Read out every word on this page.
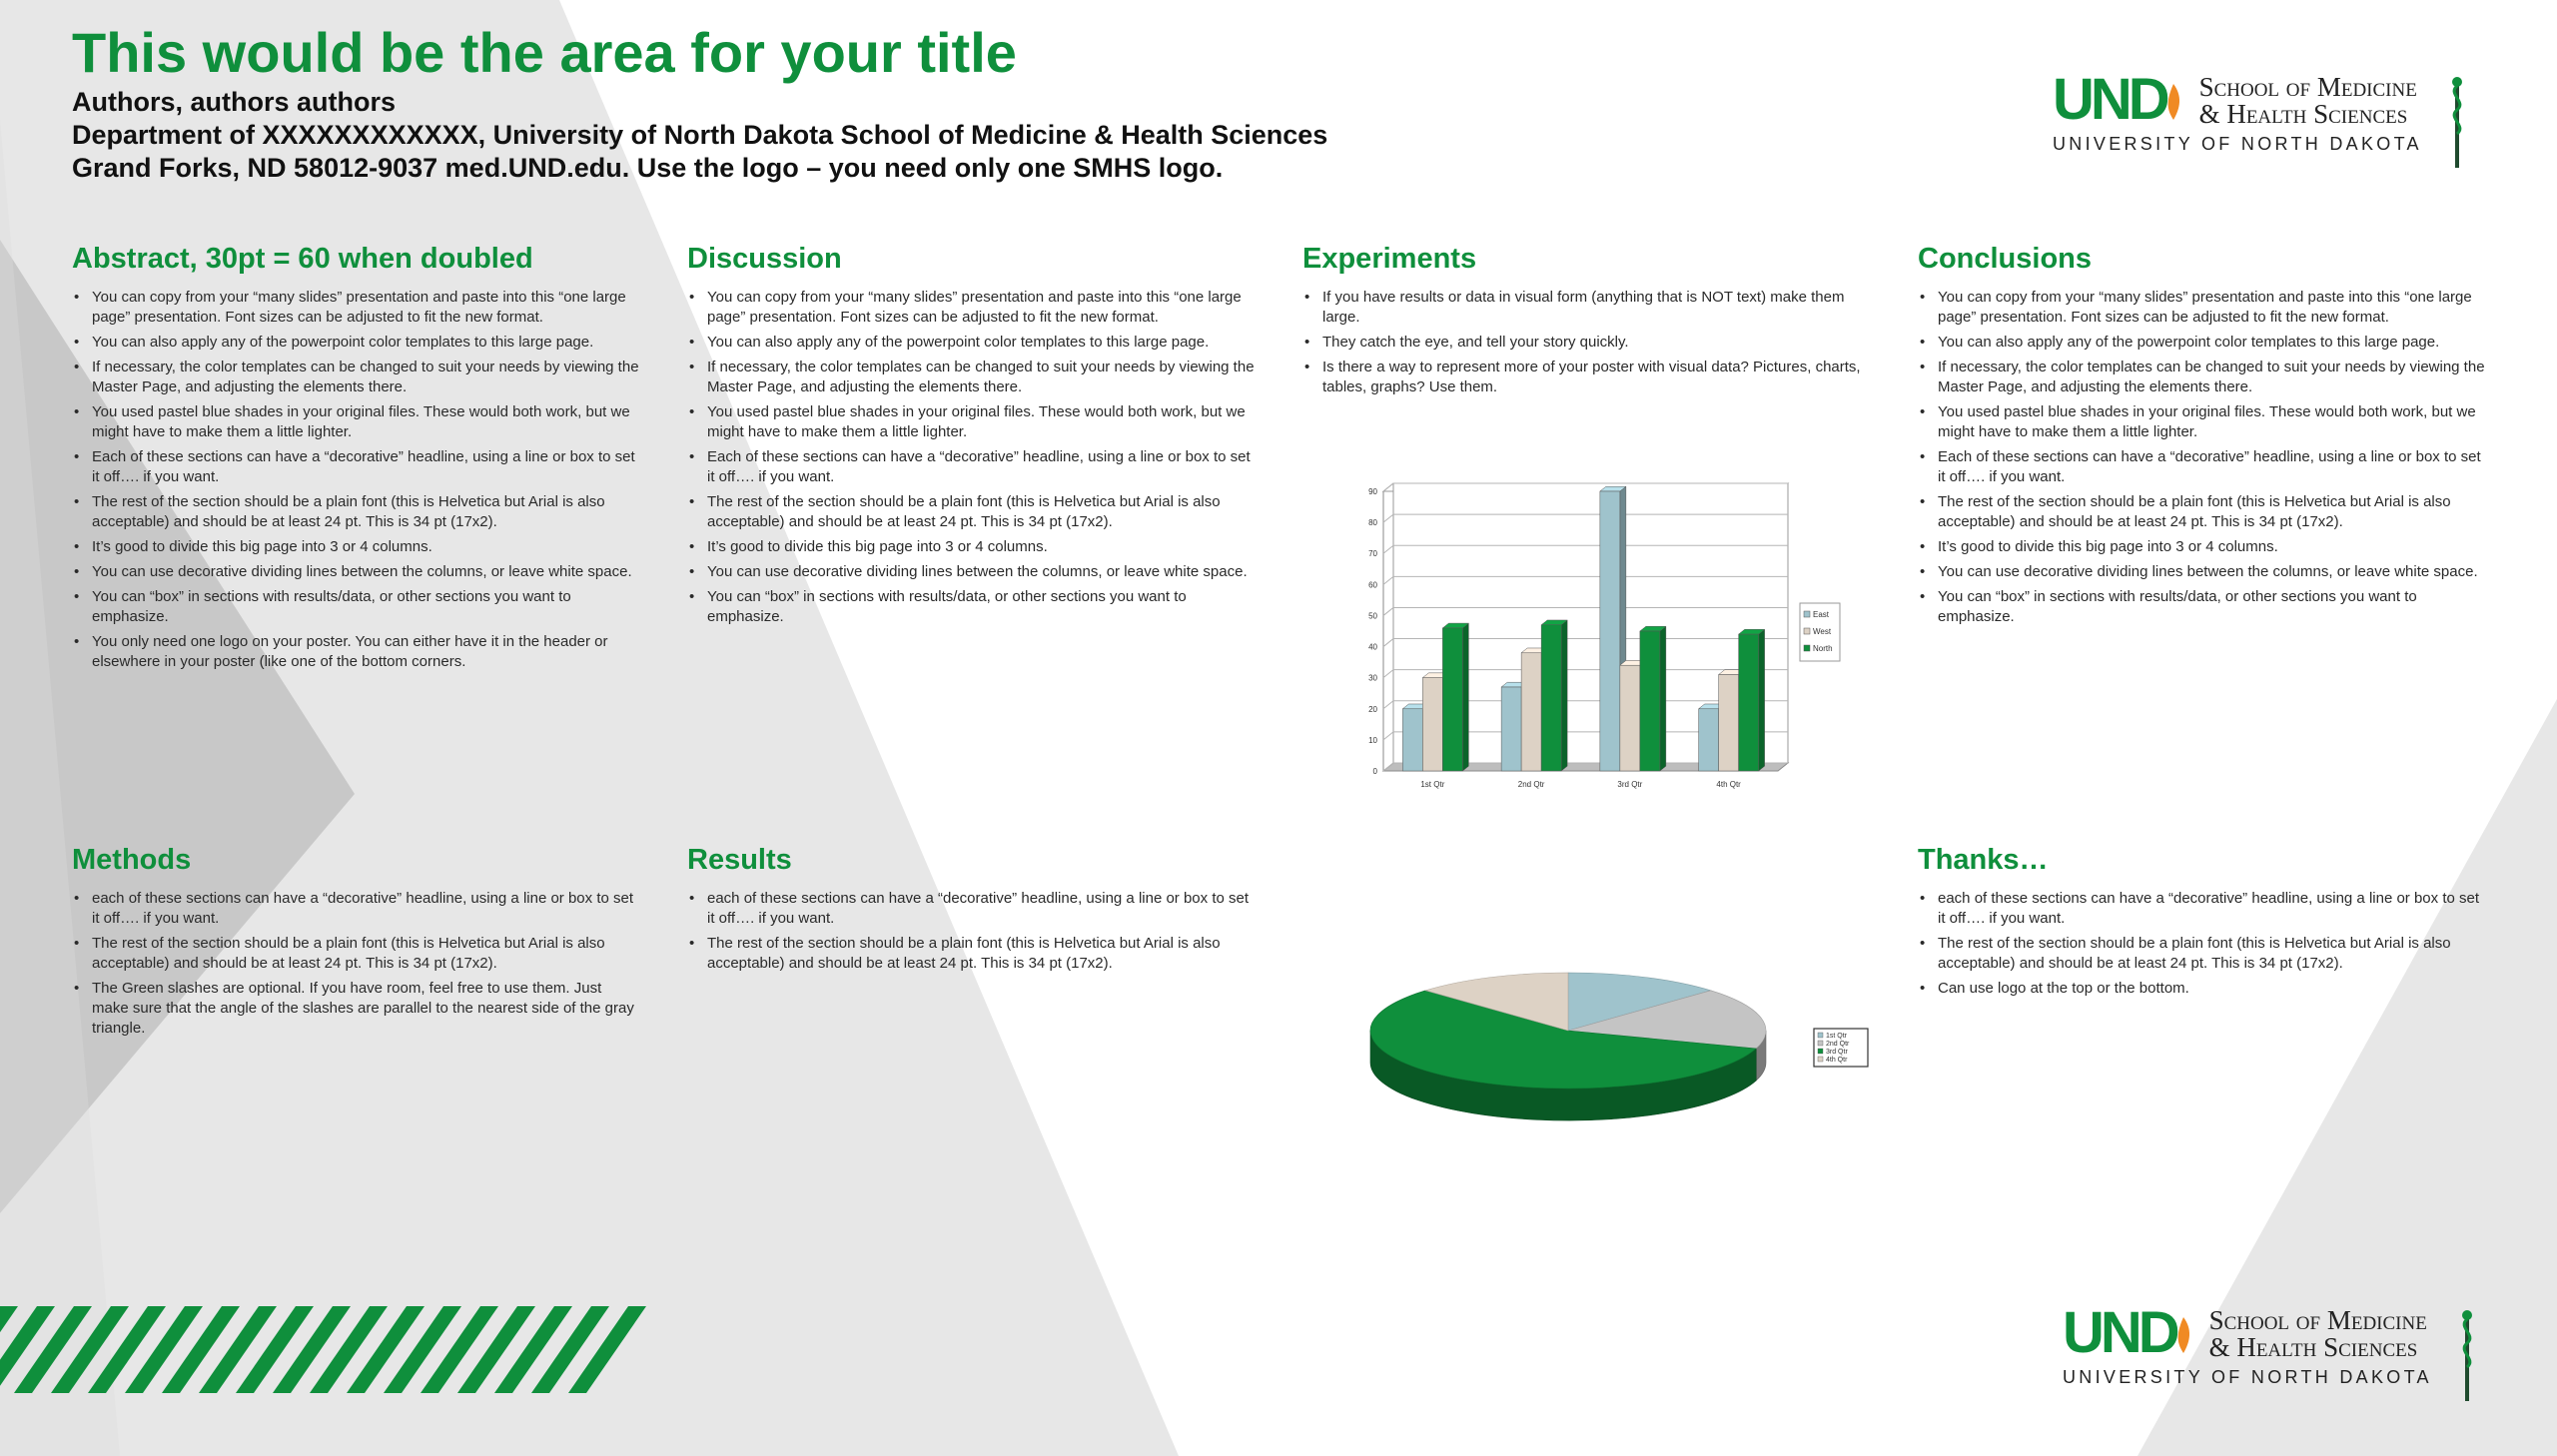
This would be the area for your title

Authors, authors authors

Department of XXXXXXXXXXXX, University of North Dakota School of Medicine & Health Sciences

Grand Forks, ND 58012-9037 med.UND.edu. Use the logo – you need only one SMHS logo.

UND School of Medicine
& Health Sciences
UNIVERSITY OF NORTH DAKOTA
UND School of Medicine
& Health Sciences
UNIVERSITY OF NORTH DAKOTA
Abstract, 30pt = 60 when doubled
• You can copy from your “many slides” presentation and paste into this “one large page” presentation. Font sizes can be adjusted to fit the new format.
• You can also apply any of the powerpoint color templates to this large page.
• If necessary, the color templates can be changed to suit your needs by viewing the Master Page, and adjusting the elements there.
• You used pastel blue shades in your original files. These would both work, but we might have to make them a little lighter.
• Each of these sections can have a “decorative” headline, using a line or box to set it off…. if you want.
• The rest of the section should be a plain font (this is Helvetica but Arial is also acceptable) and should be at least 24 pt. This is 34 pt (17x2).
• It’s good to divide this big page into 3 or 4 columns.
• You can use decorative dividing lines between the columns, or leave white space.
• You can “box” in sections with results/data, or other sections you want to emphasize.
• You only need one logo on your poster. You can either have it in the header or elsewhere in your poster (like one of the bottom corners.
Discussion
• You can copy from your “many slides” presentation and paste into this “one large page” presentation. Font sizes can be adjusted to fit the new format.
• You can also apply any of the powerpoint color templates to this large page.
• If necessary, the color templates can be changed to suit your needs by viewing the Master Page, and adjusting the elements there.
• You used pastel blue shades in your original files. These would both work, but we might have to make them a little lighter.
• Each of these sections can have a “decorative” headline, using a line or box to set it off…. if you want.
• The rest of the section should be a plain font (this is Helvetica but Arial is also acceptable) and should be at least 24 pt. This is 34 pt (17x2).
• It’s good to divide this big page into 3 or 4 columns.
• You can use decorative dividing lines between the columns, or leave white space.
• You can “box” in sections with results/data, or other sections you want to emphasize.
Experiments
• If you have results or data in visual form (anything that is NOT text) make them large.
• They catch the eye, and tell your story quickly.
• Is there a way to represent more of your poster with visual data? Pictures, charts, tables, graphs? Use them.
Conclusions
• You can copy from your “many slides” presentation and paste into this “one large page” presentation. Font sizes can be adjusted to fit the new format.
• You can also apply any of the powerpoint color templates to this large page.
• If necessary, the color templates can be changed to suit your needs by viewing the Master Page, and adjusting the elements there.
• You used pastel blue shades in your original files. These would both work, but we might have to make them a little lighter.
• Each of these sections can have a “decorative” headline, using a line or box to set it off…. if you want.
• The rest of the section should be a plain font (this is Helvetica but Arial is also acceptable) and should be at least 24 pt. This is 34 pt (17x2).
• It’s good to divide this big page into 3 or 4 columns.
• You can use decorative dividing lines between the columns, or leave white space.
• You can “box” in sections with results/data, or other sections you want to emphasize.
Methods
• each of these sections can have a “decorative” headline, using a line or box to set it off…. if you want.
• The rest of the section should be a plain font (this is Helvetica but Arial is also acceptable) and should be at least 24 pt. This is 34 pt (17x2).
• The Green slashes are optional. If you have room, feel free to use them. Just make sure that the angle of the slashes are parallel to the nearest side of the gray triangle.
Results
• each of these sections can have a “decorative” headline, using a line or box to set it off…. if you want.
• The rest of the section should be a plain font (this is Helvetica but Arial is also acceptable) and should be at least 24 pt. This is 34 pt (17x2).
Thanks…
• each of these sections can have a “decorative” headline, using a line or box to set it off…. if you want.
• The rest of the section should be a plain font (this is Helvetica but Arial is also acceptable) and should be at least 24 pt. This is 34 pt (17x2).
• Can use logo at the top or the bottom.
0
10
20
30
40
50
60
70
80
90
1st Qtr	2nd Qtr	3rd Qtr	4th Qtr
East
West
North
1st Qtr
2nd Qtr
3rd Qtr
4th Qtr
